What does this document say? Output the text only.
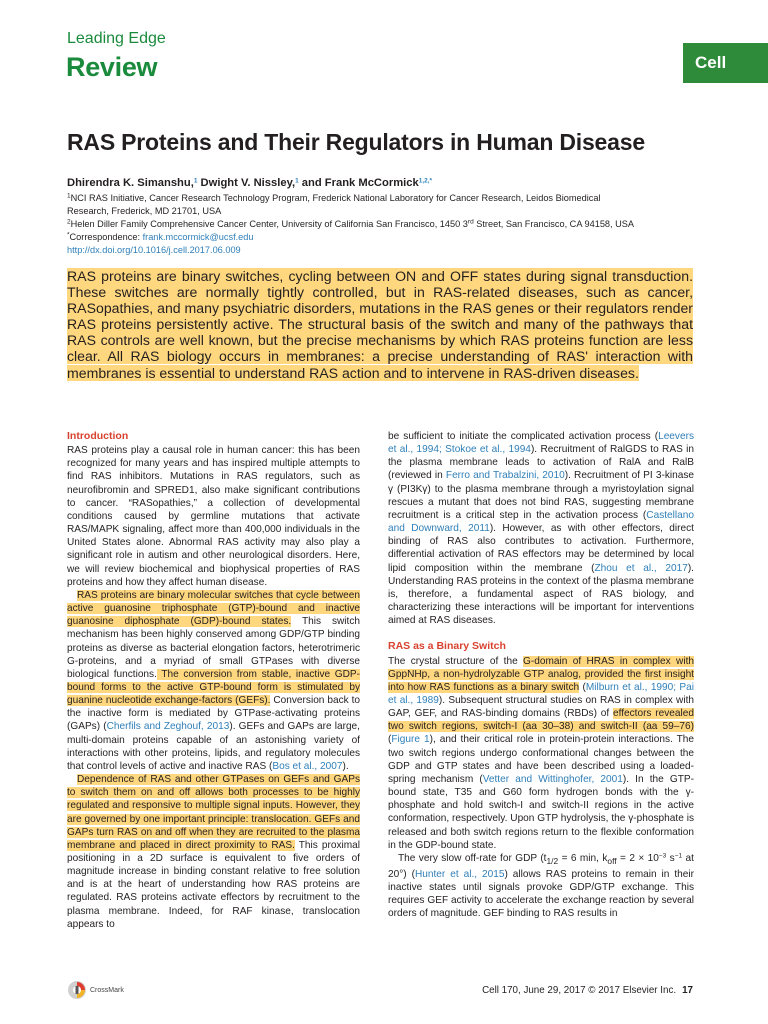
Leading Edge
Review	Cell
RAS Proteins and Their Regulators in Human Disease
Dhirendra K. Simanshu,$^1$ Dwight V. Nissley,$^1$ and Frank McCormick$^{1,2,*}$
$^1$NCI RAS Initiative, Cancer Research Technology Program, Frederick National Laboratory for Cancer Research, Leidos Biomedical
Research, Frederick, MD 21701, USA
$^2$Helen Diller Family Comprehensive Cancer Center, University of California San Francisco, 1450 3rd Street, San Francisco, CA 94158, USA
*Correspondence: frank.mccormick@ucsf.edu
http://dx.doi.org/10.1016/j.cell.2017.06.009
RAS proteins are binary switches, cycling between ON and OFF states during signal transduction. These switches are normally tightly controlled, but in RAS-related diseases, such as cancer, RASopathies, and many psychiatric disorders, mutations in the RAS genes or their regulators render RAS proteins persistently active. The structural basis of the switch and many of the pathways that RAS controls are well known, but the precise mechanisms by which RAS proteins function are less clear. All RAS biology occurs in membranes: a precise understanding of RAS' interaction with membranes is essential to understand RAS action and to intervene in RAS-driven diseases.
Introduction

RAS proteins play a causal role in human cancer: this has been recognized for many years and has inspired multiple attempts to find RAS inhibitors. Mutations in RAS regulators, such as neurofibromin and SPRED1, also make significant contributions to cancer. “RASopathies,” a collection of developmental conditions caused by germline mutations that activate RAS/MAPK signaling, affect more than 400,000 individuals in the United States alone. Abnormal RAS activity may also play a significant role in autism and other neurological disorders. Here, we will review biochemical and biophysical properties of RAS proteins and how they affect human disease.

RAS proteins are binary molecular switches that cycle between active guanosine triphosphate (GTP)-bound and inactive guanosine diphosphate (GDP)-bound states. This switch mechanism has been highly conserved among GDP/GTP binding proteins as diverse as bacterial elongation factors, heterotrimeric G-proteins, and a myriad of small GTPases with diverse biological functions. The conversion from stable, inactive GDP-bound forms to the active GTP-bound form is stimulated by guanine nucleotide exchange-factors (GEFs). Conversion back to the inactive form is mediated by GTPase-activating proteins (GAPs) (Cherfils and Zeghouf, 2013). GEFs and GAPs are large, multi-domain proteins capable of an astonishing variety of interactions with other proteins, lipids, and regulatory molecules that control levels of active and inactive RAS (Bos et al., 2007).

Dependence of RAS and other GTPases on GEFs and GAPs to switch them on and off allows both processes to be highly regulated and responsive to multiple signal inputs. However, they are governed by one important principle: translocation. GEFs and GAPs turn RAS on and off when they are recruited to the plasma membrane and placed in direct proximity to RAS. This proximal positioning in a 2D surface is equivalent to five orders of magnitude increase in binding constant relative to free solution and is at the heart of understanding how RAS proteins are regulated. RAS proteins activate effectors by recruitment to the plasma membrane. Indeed, for RAF kinase, translocation appears to

be sufficient to initiate the complicated activation process (Leevers et al., 1994; Stokoe et al., 1994). Recruitment of RalGDS to RAS in the plasma membrane leads to activation of RalA and RalB (reviewed in Ferro and Trabalzini, 2010). Recruitment of PI 3-kinase γ (PI3Kγ) to the plasma membrane through a myristoylation signal rescues a mutant that does not bind RAS, suggesting membrane recruitment is a critical step in the activation process (Castellano and Downward, 2011). However, as with other effectors, direct binding of RAS also contributes to activation. Furthermore, differential activation of RAS effectors may be determined by local lipid composition within the membrane (Zhou et al., 2017). Understanding RAS proteins in the context of the plasma membrane is, therefore, a fundamental aspect of RAS biology, and characterizing these interactions will be important for interventions aimed at RAS diseases.

RAS as a Binary Switch

The crystal structure of the G-domain of HRAS in complex with GppNHp, a non-hydrolyzable GTP analog, provided the first insight into how RAS functions as a binary switch (Milburn et al., 1990; Pai et al., 1989). Subsequent structural studies on RAS in complex with GAP, GEF, and RAS-binding domains (RBDs) of effectors revealed two switch regions, switch-I (aa 30–38) and switch-II (aa 59–76) (Figure 1), and their critical role in protein-protein interactions. The two switch regions undergo conformational changes between the GDP and GTP states and have been described using a loaded-spring mechanism (Vetter and Wittinghofer, 2001). In the GTP-bound state, T35 and G60 form hydrogen bonds with the γ-phosphate and hold switch-I and switch-II regions in the active conformation, respectively. Upon GTP hydrolysis, the γ-phosphate is released and both switch regions return to the flexible conformation in the GDP-bound state.

The very slow off-rate for GDP ($t_{1/2} = 6$ min, $k_{off} = 2 \times 10^{-3}$ $s^{-1}$ at 20°) (Hunter et al., 2015) allows RAS proteins to remain in their inactive states until signals provoke GDP/GTP exchange. This requires GEF activity to accelerate the exchange reaction by several orders of magnitude. GEF binding to RAS results in

CrossMark	Cell 170, June 29, 2017 © 2017 Elsevier Inc. 17
